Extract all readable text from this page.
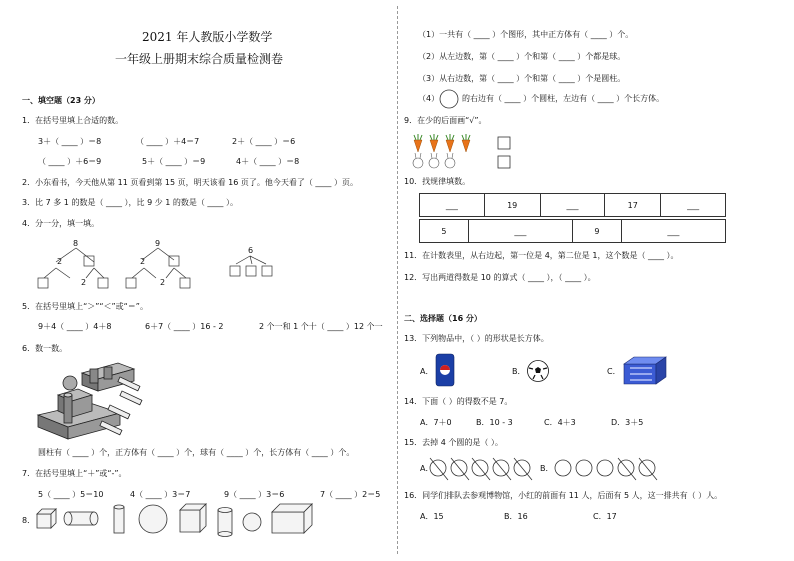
2021 年人教版小学数学
一年级上册期末综合质量检测卷
一、填空题（23 分）
1．在括号里填上合适的数。
3＋（ ____ ）＝8	（ ____ ）＋4＝7	2＋（ ____ ）＝6
（ ____ ）＋6＝9	5＋（ ____ ）＝9	4＋（ ____ ）＝8
2．小东看书，今天他从第 11 页看到第 15 页，明天该看 16 页了。他今天看了（ ____ ）页。
3．比 7 多 1 的数是（ ____ ），比 9 少 1 的数是（ ____ ）。
4．分一分，填一填。
8
2
2
9
2
2
6
5．在括号里填上“＞”“＜”或“＝”。
9＋4（ ____ ）4＋8	6＋7（ ____ ）16 - 2	2 个一和 1 个十（ ____ ）12 个一
6．数一数。
圆柱有（ ____ ）个，正方体有（ ____ ）个，球有（ ____ ）个，长方体有（ ____ ）个。
7．在括号里填上“＋”或“-”。
5（ ____ ）5＝10	4（ ____ ）3＝7	9（ ____ ）3＝6	7（ ____ ）2＝5
8．
（1）一共有（ ____ ）个图形，其中正方体有（ ____ ）个。
（2）从左边数，第（ ____ ）个和第（ ____ ）个都是球。
（3）从右边数，第（ ____ ）个和第（ ____ ）个是圆柱。
（4）	的右边有（ ____ ）个圆柱，左边有（ ____ ）个长方体。
9．在少的后面画“√”。
10．找规律填数。
___	19	___	17	___
5	___	9	___
11．在计数表里，从右边起，第一位是 4，第二位是 1，这个数是（ ____ ）。
12．写出两道得数是 10 的算式（ ____ ），（ ____ ）。
二、选择题（16 分）
13．下列物品中，（ ）的形状是长方体。
A．	B．	C．
14．下面（ ）的得数不是 7。
A．7＋0	B．10 - 3	C．4＋3	D．3＋5
15．去掉 4 个圆的是（ ）。
A．	B．
16．同学们排队去参观博物馆，小红的前面有 11 人，后面有 5 人，这一排共有（ ）人。
A．15	B．16	C．17
